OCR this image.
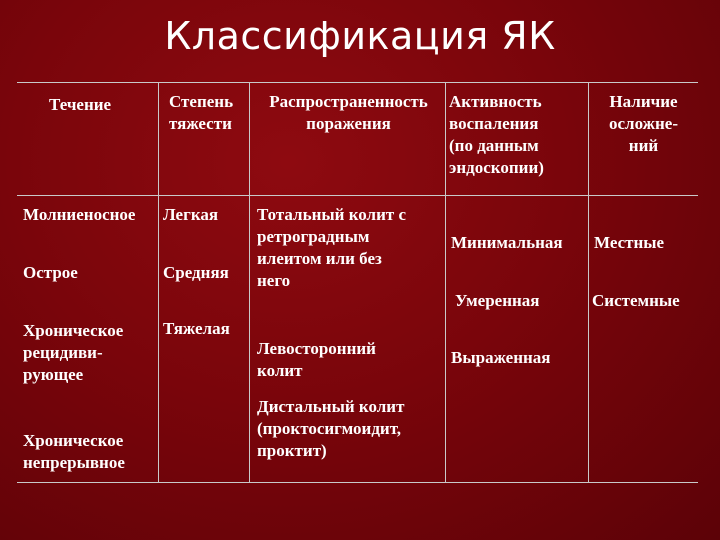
Классификация ЯК
Течение	Степень
тяжести
Распространенность
поражения
Активность
воспаления
(по данным
эндоскопии)
Наличие
осложне-
ний
Молниеносное
Острое
Хроническое
рецидиви-
рующее
Хроническое
непрерывное
Легкая
Средняя
Тяжелая
Тотальный колит с
ретроградным
илеитом или без
него
Левосторонний
колит
Дистальный колит
(проктосигмоидит,
проктит)
Минимальная
Умеренная
Выраженная
Местные
Системные
